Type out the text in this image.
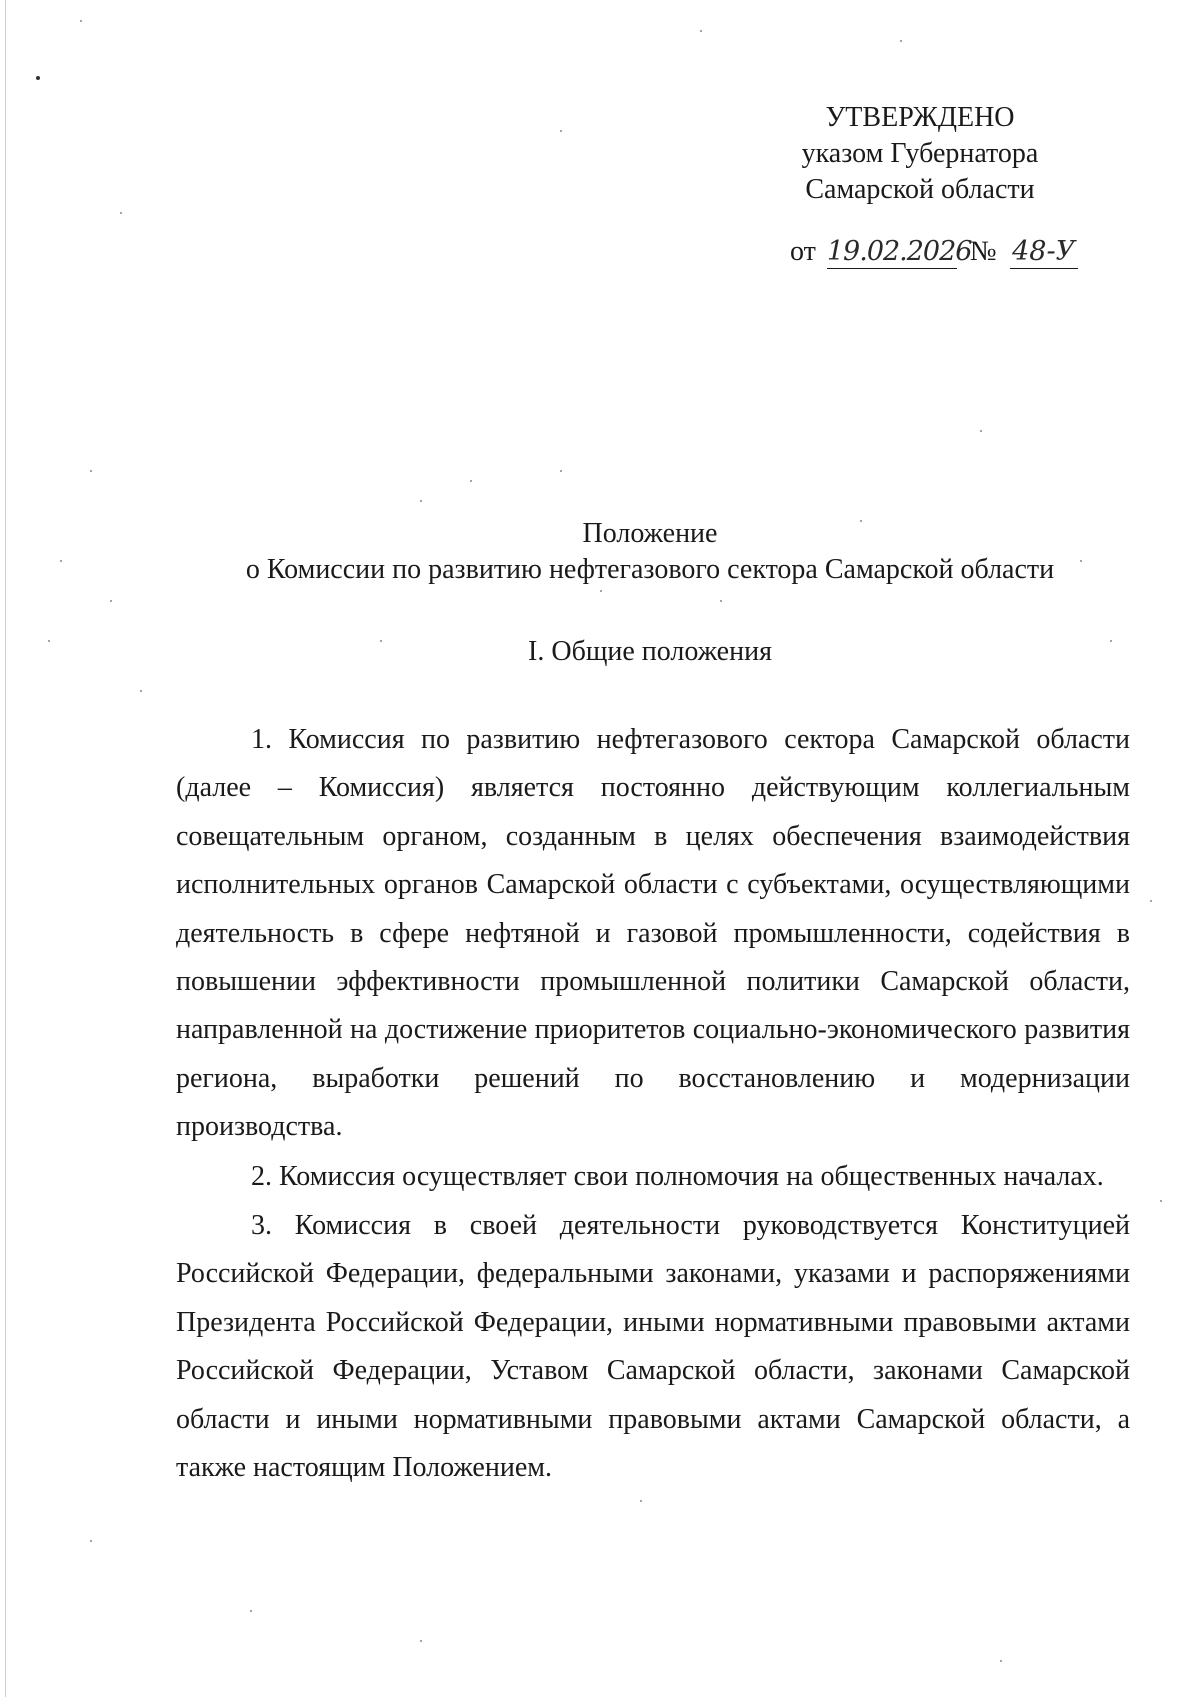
УТВЕРЖДЕНО
указом Губернатора
Самарской области
от 19.02.2026 № 48-У
Положение
о Комиссии по развитию нефтегазового сектора Самарской области
I. Общие положения

1. Комиссия по развитию нефтегазового сектора Самарской области (далее – Комиссия) является постоянно действующим коллегиальным совещательным органом, созданным в целях обеспечения взаимодействия исполнительных органов Самарской области с субъектами, осуществляющими деятельность в сфере нефтяной и газовой промышленности, содействия в повышении эффективности промышленной политики Самарской области, направленной на достижение приоритетов социально-экономического развития региона, выработки решений по восстановлению и модернизации производства.

2. Комиссия осуществляет свои полномочия на общественных началах.

3. Комиссия в своей деятельности руководствуется Конституцией Российской Федерации, федеральными законами, указами и распоряжениями Президента Российской Федерации, иными нормативными правовыми актами Российской Федерации, Уставом Самарской области, законами Самарской области и иными нормативными правовыми актами Самарской области, а также настоящим Положением.
